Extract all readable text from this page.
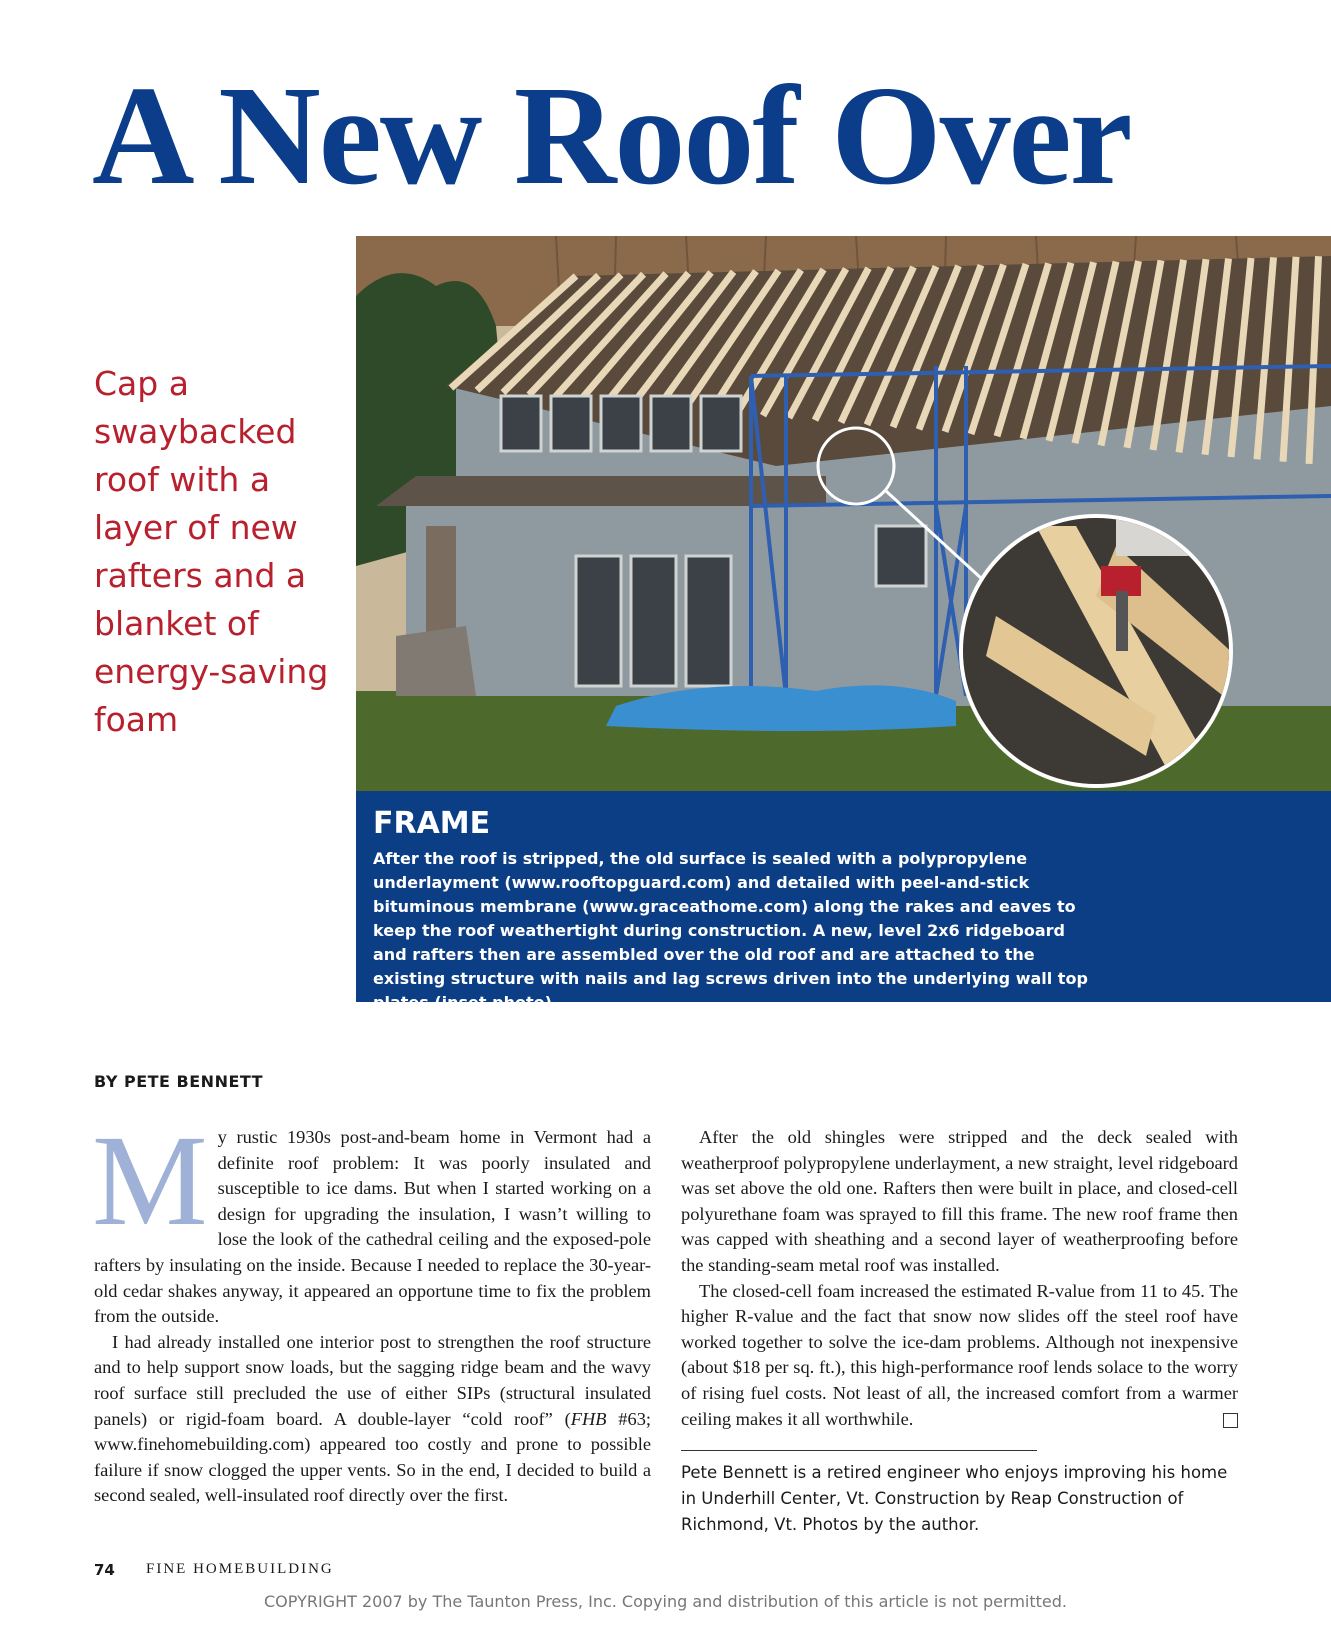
A New Roof Over
Cap a swaybacked roof with a layer of new rafters and a blanket of energy-saving foam
FRAME
After the roof is stripped, the old surface is sealed with a polypropylene underlayment (www.rooftopguard.com) and detailed with peel-and-stick bituminous membrane (www.graceathome.com) along the rakes and eaves to keep the roof weathertight during construction. A new, level 2x6 ridgeboard and rafters then are assembled over the old roof and are attached to the existing structure with nails and lag screws driven into the underlying wall top plates (inset photo).
BY PETE BENNETT

My rustic 1930s post-and-beam home in Vermont had a definite roof problem: It was poorly insulated and susceptible to ice dams. But when I started working on a design for upgrading the insulation, I wasn’t willing to lose the look of the cathedral ceiling and the exposed-pole rafters by insulating on the inside. Because I needed to replace the 30-year-old cedar shakes anyway, it appeared an opportune time to fix the problem from the outside.

I had already installed one interior post to strengthen the roof structure and to help support snow loads, but the sagging ridge beam and the wavy roof surface still precluded the use of either SIPs (structural insulated panels) or rigid-foam board. A double-layer “cold roof” (FHB #63; www.finehomebuilding.com) appeared too costly and prone to possible failure if snow clogged the upper vents. So in the end, I decided to build a second sealed, well-insulated roof directly over the first.

After the old shingles were stripped and the deck sealed with weatherproof polypropylene underlayment, a new straight, level ridgeboard was set above the old one. Rafters then were built in place, and closed-cell polyurethane foam was sprayed to fill this frame. The new roof frame then was capped with sheathing and a second layer of weatherproofing before the standing-seam metal roof was installed.

The closed-cell foam increased the estimated R-value from 11 to 45. The higher R-value and the fact that snow now slides off the steel roof have worked together to solve the ice-dam problems. Although not inexpensive (about $18 per sq. ft.), this high-performance roof lends solace to the worry of rising fuel costs. Not least of all, the increased comfort from a warmer ceiling makes it all worthwhile.

Pete Bennett is a retired engineer who enjoys improving his home in Underhill Center, Vt. Construction by Reap Construction of Richmond, Vt. Photos by the author.
74 FINE HOMEBUILDING
COPYRIGHT 2007 by The Taunton Press, Inc. Copying and distribution of this article is not permitted.
